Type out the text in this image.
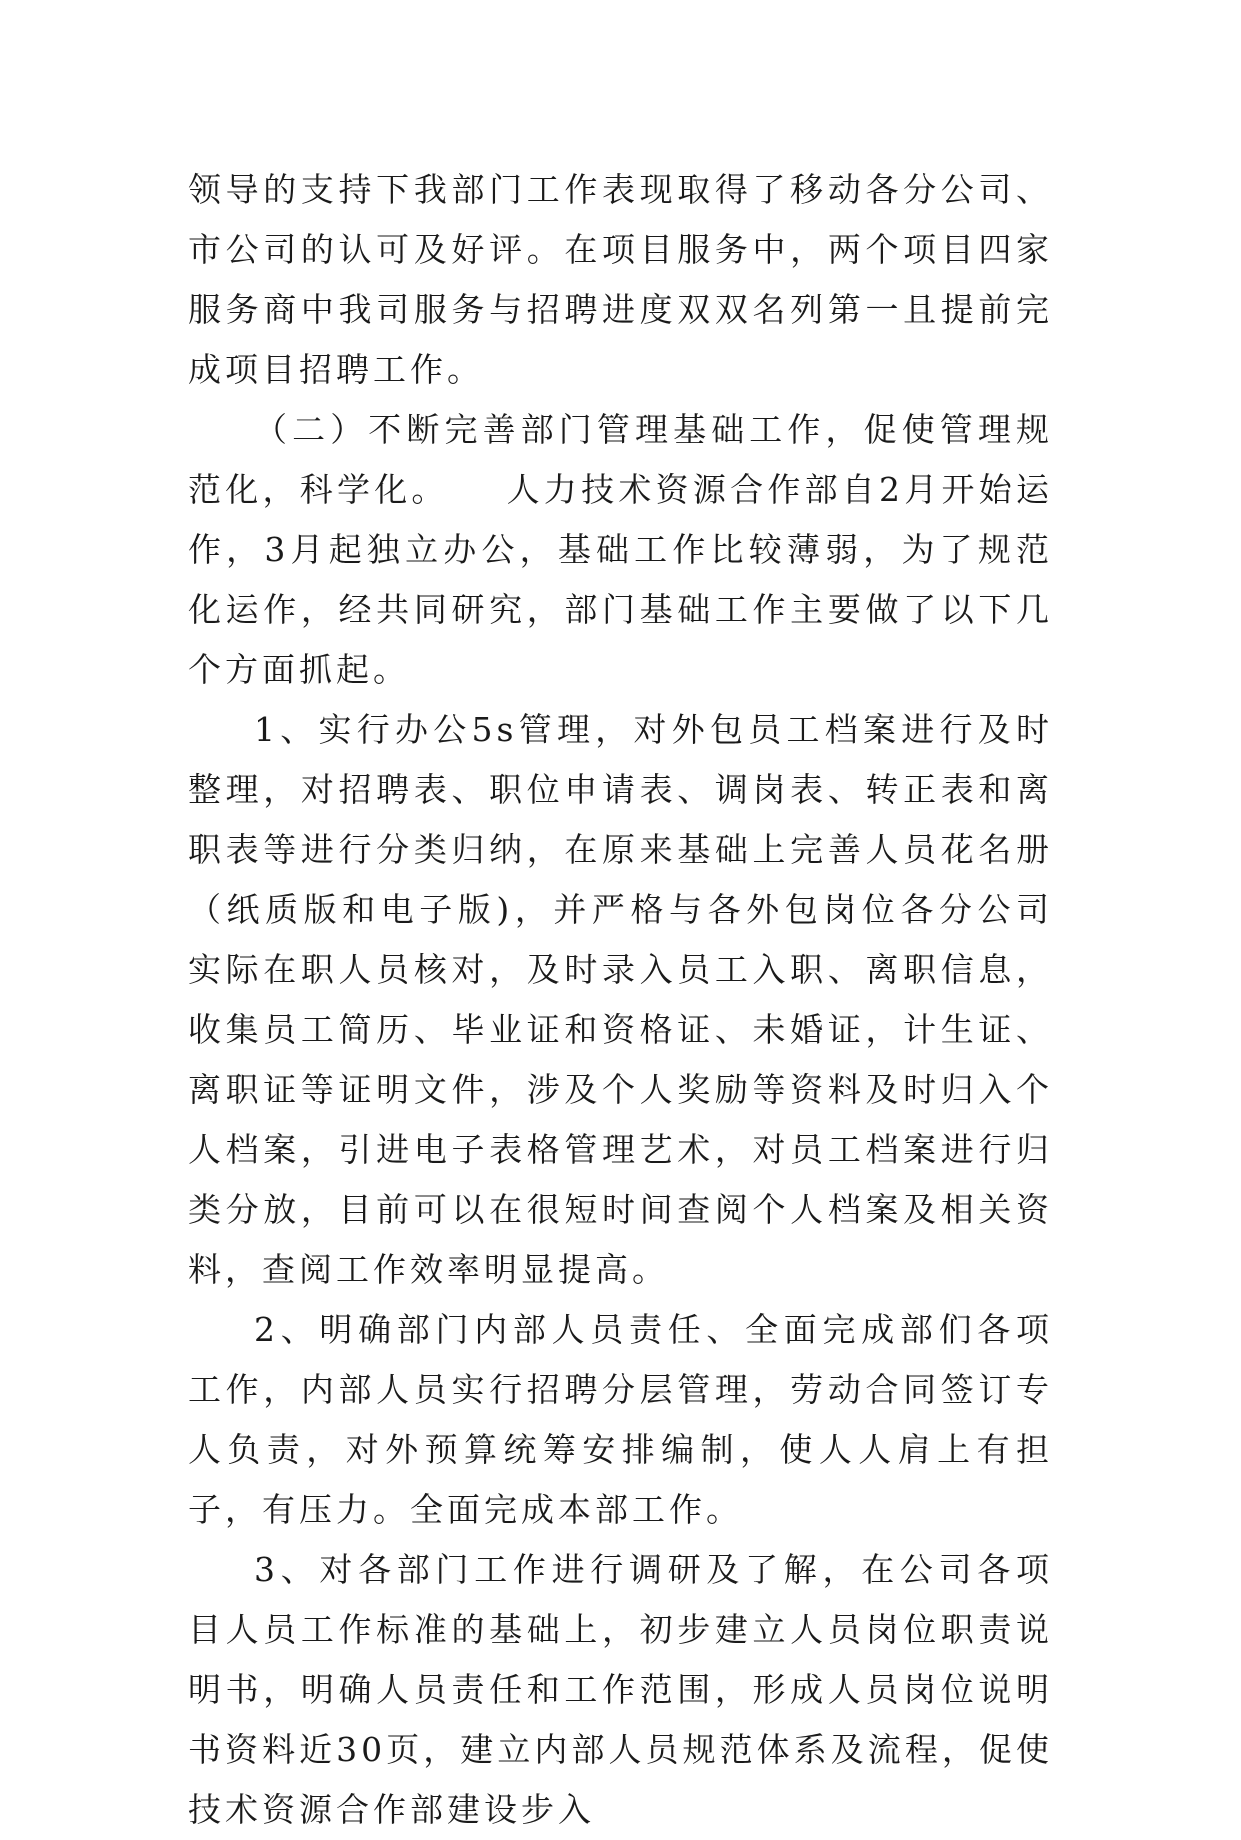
领导的支持下我部门工作表现取得了移动各分公司、市公司的认可及好评。在项目服务中，两个项目四家服务商中我司服务与招聘进度双双名列第一且提前完成项目招聘工作。

（二）不断完善部门管理基础工作，促使管理规范化，科学化。　　人力技术资源合作部自2月开始运作，3月起独立办公，基础工作比较薄弱，为了规范化运作，经共同研究，部门基础工作主要做了以下几个方面抓起。

1、实行办公5s管理，对外包员工档案进行及时整理，对招聘表、职位申请表、调岗表、转正表和离职表等进行分类归纳，在原来基础上完善人员花名册（纸质版和电子版)，并严格与各外包岗位各分公司实际在职人员核对，及时录入员工入职、离职信息，收集员工简历、毕业证和资格证、未婚证，计生证、离职证等证明文件，涉及个人奖励等资料及时归入个人档案，引进电子表格管理艺术，对员工档案进行归类分放，目前可以在很短时间查阅个人档案及相关资料，查阅工作效率明显提高。

2、明确部门内部人员责任、全面完成部们各项工作，内部人员实行招聘分层管理，劳动合同签订专人负责，对外预算统筹安排编制，使人人肩上有担子，有压力。全面完成本部工作。

3、对各部门工作进行调研及了解，在公司各项目人员工作标准的基础上，初步建立人员岗位职责说明书，明确人员责任和工作范围，形成人员岗位说明书资料近30页，建立内部人员规范体系及流程，促使技术资源合作部建设步入
